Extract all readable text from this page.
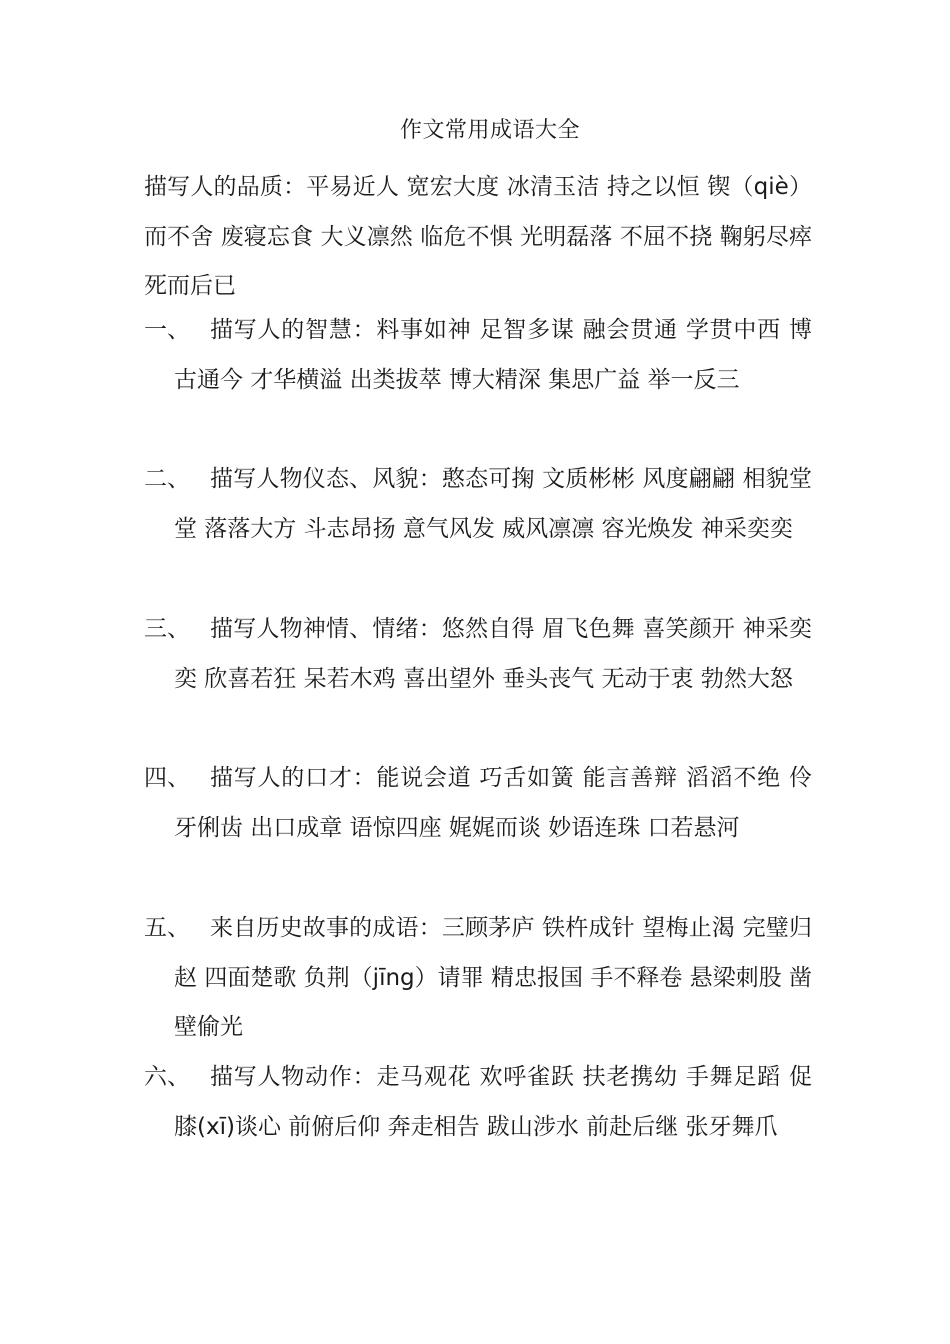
作文常用成语大全
描写人的品质：平易近人 宽宏大度 冰清玉洁 持之以恒 锲（qiè）而不舍 废寝忘食 大义凛然 临危不惧 光明磊落 不屈不挠 鞠躬尽瘁 死而后已
一、 描写人的智慧：料事如神 足智多谋 融会贯通 学贯中西 博古通今 才华横溢 出类拔萃 博大精深 集思广益 举一反三
二、 描写人物仪态、风貌：憨态可掬 文质彬彬 风度翩翩 相貌堂堂 落落大方 斗志昂扬 意气风发 威风凛凛 容光焕发 神采奕奕
三、 描写人物神情、情绪：悠然自得 眉飞色舞 喜笑颜开 神采奕奕 欣喜若狂 呆若木鸡 喜出望外 垂头丧气 无动于衷 勃然大怒
四、 描写人的口才：能说会道 巧舌如簧 能言善辩 滔滔不绝 伶牙俐齿 出口成章 语惊四座 娓娓而谈 妙语连珠 口若悬河
五、 来自历史故事的成语：三顾茅庐 铁杵成针 望梅止渴 完璧归赵 四面楚歌 负荆（jīng）请罪 精忠报国 手不释卷 悬梁刺股 凿壁偷光
六、 描写人物动作：走马观花 欢呼雀跃 扶老携幼 手舞足蹈 促膝(xī)谈心 前俯后仰 奔走相告 跋山涉水 前赴后继 张牙舞爪
